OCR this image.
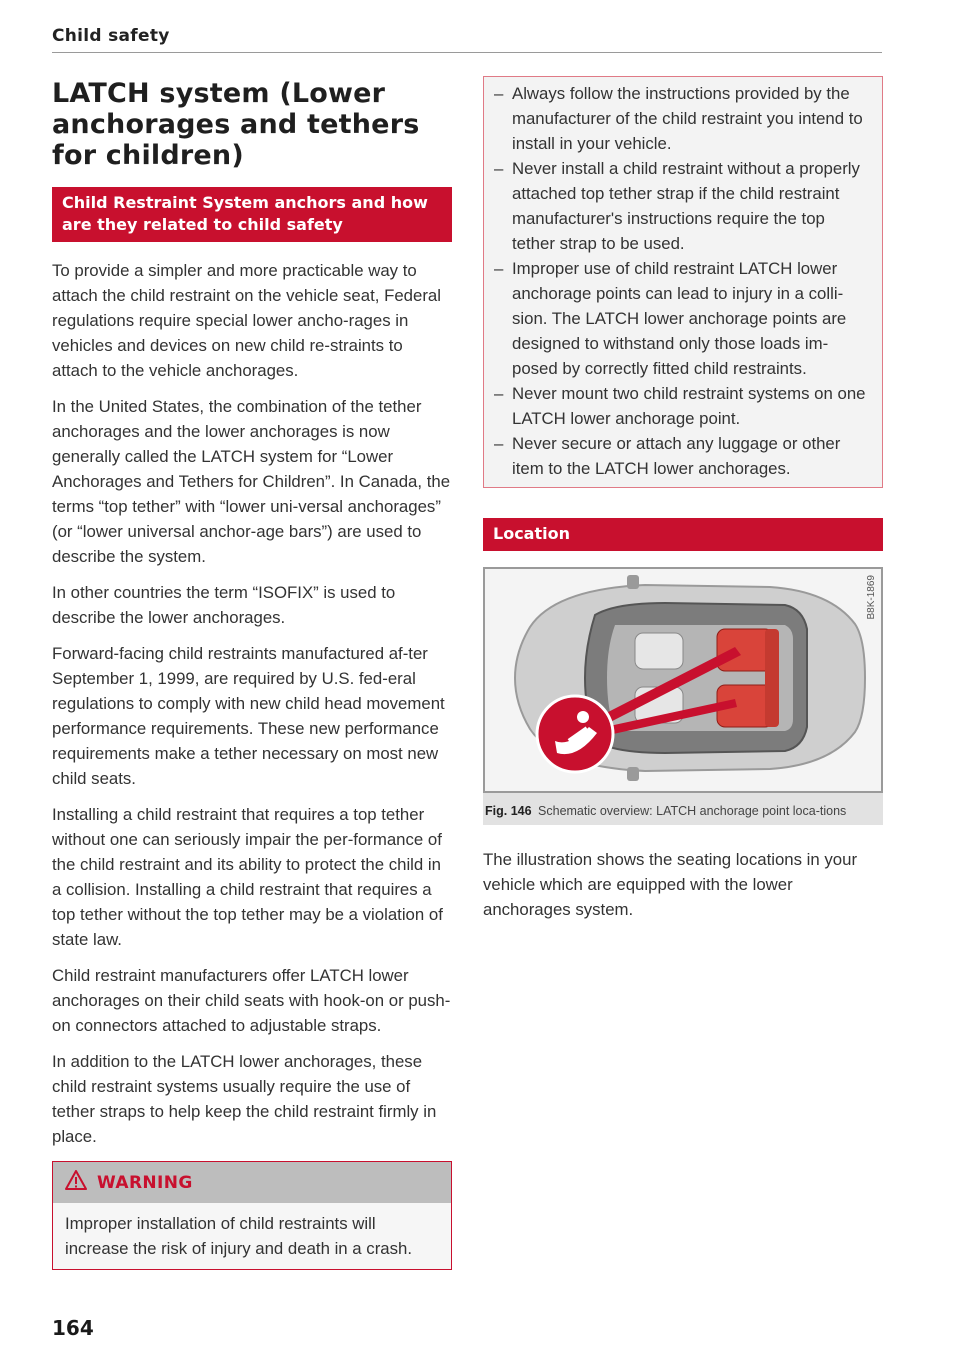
Child safety
LATCH system (Lower anchorages and tethers for children)
Child Restraint System anchors and how are they related to child safety

To provide a simpler and more practicable way to attach the child restraint on the vehicle seat, Federal regulations require special lower ancho-rages in vehicles and devices on new child re-straints to attach to the vehicle anchorages.

In the United States, the combination of the tether anchorages and the lower anchorages is now generally called the LATCH system for “Lower Anchorages and Tethers for Children”. In Canada, the terms “top tether” with “lower uni-versal anchorages” (or “lower universal anchor-age bars”) are used to describe the system.

In other countries the term “ISOFIX” is used to describe the lower anchorages.

Forward-facing child restraints manufactured af-ter September 1, 1999, are required by U.S. fed-eral regulations to comply with new child head movement performance requirements. These new performance requirements make a tether necessary on most new child seats.

Installing a child restraint that requires a top tether without one can seriously impair the per-formance of the child restraint and its ability to protect the child in a collision. Installing a child restraint that requires a top tether without the top tether may be a violation of state law.

Child restraint manufacturers offer LATCH lower anchorages on their child seats with hook-on or push-on connectors attached to adjustable straps.

In addition to the LATCH lower anchorages, these child restraint systems usually require the use of tether straps to help keep the child restraint firmly in place.

WARNING
Improper installation of child restraints will increase the risk of injury and death in a crash.
164
– Always follow the instructions provided by the manufacturer of the child restraint you intend to install in your vehicle.
– Never install a child restraint without a properly attached top tether strap if the child restraint manufacturer's instructions require the top tether strap to be used.
– Improper use of child restraint LATCH lower anchorage points can lead to injury in a colli-sion. The LATCH lower anchorage points are designed to withstand only those loads im-posed by correctly fitted child restraints.
– Never mount two child restraint systems on one LATCH lower anchorage point.
– Never secure or attach any luggage or other item to the LATCH lower anchorages.
Location
B8K-1869
Fig. 146 Schematic overview: LATCH anchorage point loca-tions

The illustration shows the seating locations in your vehicle which are equipped with the lower anchorages system.
